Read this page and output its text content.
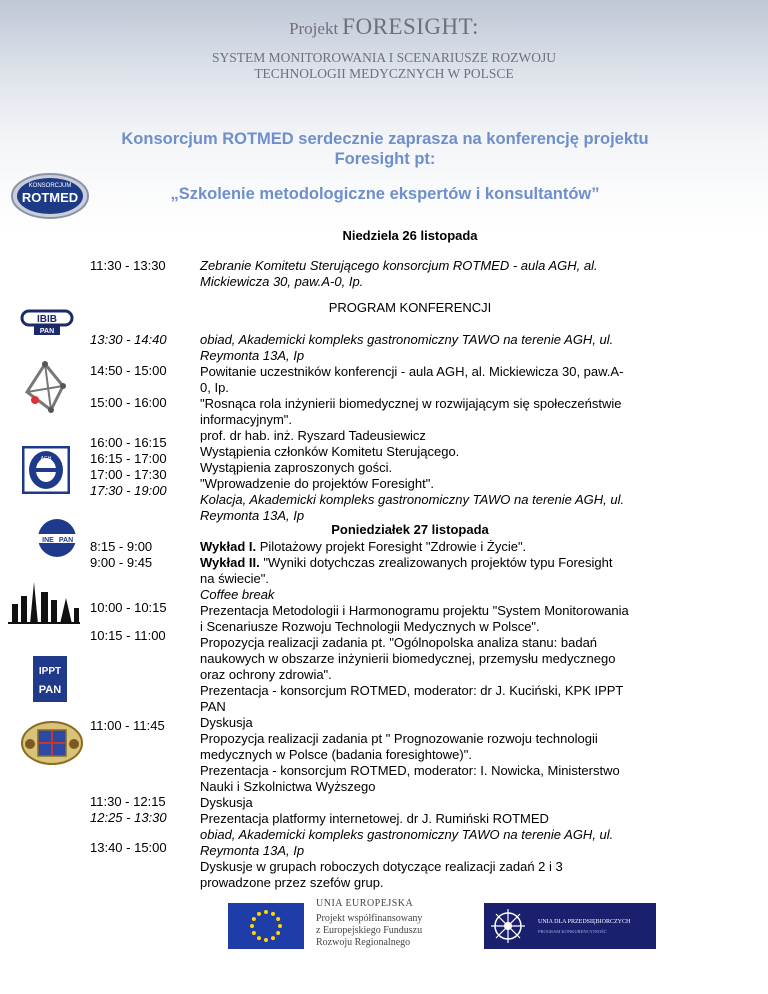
Projekt FORESIGHT:
SYSTEM MONITOROWANIA I SCENARIUSZE ROZWOJU
TECHNOLOGII MEDYCZNYCH W POLSCE
Konsorcjum ROTMED serdecznie zaprasza na konferencję projektu
Foresight pt:
„Szkolenie metodologiczne ekspertów i konsultantów”
KONSORCJUM
ROTMED
IBIB
PAN
AGH
INE PAN
IPPT
PAN
Niedziela 26 listopada
11:30 - 13:30	Zebranie Komitetu Sterującego konsorcjum ROTMED - aula AGH, al.
Mickiewicza 30, paw.A-0, Ip.
PROGRAM KONFERENCJI
13:30 - 14:40
14:50 - 15:00
15:00 - 16:00
16:00 - 16:15
16:15 - 17:00
17:00 - 17:30
17:30 - 19:00
obiad, Akademicki kompleks gastronomiczny TAWO na terenie AGH, ul.
Reymonta 13A, Ip
Powitanie uczestników konferencji - aula AGH, al. Mickiewicza 30, paw.A-
0, Ip.
"Rosnąca rola inżynierii biomedycznej w rozwijającym się społeczeństwie
informacyjnym".
prof. dr hab. inż. Ryszard Tadeusiewicz
Wystąpienia członków Komitetu Sterującego.
Wystąpienia zaproszonych gości.
"Wprowadzenie do projektów Foresight".
Kolacja, Akademicki kompleks gastronomiczny TAWO na terenie AGH, ul.
Reymonta 13A, Ip
Poniedziałek 27 listopada
8:15 - 9:00
9:00 - 9:45
10:00 - 10:15
10:15 - 11:00
11:00 - 11:45
11:30 - 12:15
12:25 - 13:30
13:40 - 15:00
Wykład I. Pilotażowy projekt Foresight "Zdrowie i Życie".
Wykład II. "Wyniki dotychczas zrealizowanych projektów typu Foresight
na świecie".
Coffee break
Prezentacja Metodologii i Harmonogramu projektu "System Monitorowania
i Scenariusze Rozwoju Technologii Medycznych w Polsce".
Propozycja realizacji zadania pt. "Ogólnopolska analiza stanu: badań
naukowych w obszarze inżynierii biomedycznej, przemysłu medycznego
oraz ochrony zdrowia".
Prezentacja - konsorcjum ROTMED, moderator: dr J. Kuciński, KPK IPPT
PAN
Dyskusja
Propozycja realizacji zadania pt " Prognozowanie rozwoju technologii
medycznych w Polsce (badania foresightowe)".
Prezentacja - konsorcjum ROTMED, moderator: I. Nowicka, Ministerstwo
Nauki i Szkolnictwa Wyższego
Dyskusja
Prezentacja platformy internetowej. dr J. Rumiński ROTMED
obiad, Akademicki kompleks gastronomiczny TAWO na terenie AGH, ul.
Reymonta 13A, Ip
Dyskusje w grupach roboczych dotyczące realizacji zadań 2 i 3
prowadzone przez szefów grup.
UNIA EUROPEJSKA
Projekt współfinansowany
z Europejskiego Funduszu
Rozwoju Regionalnego
UNIA DLA PRZEDSIĘBIORCZYCH
PROGRAM KONKURENCYJNOŚĆ
